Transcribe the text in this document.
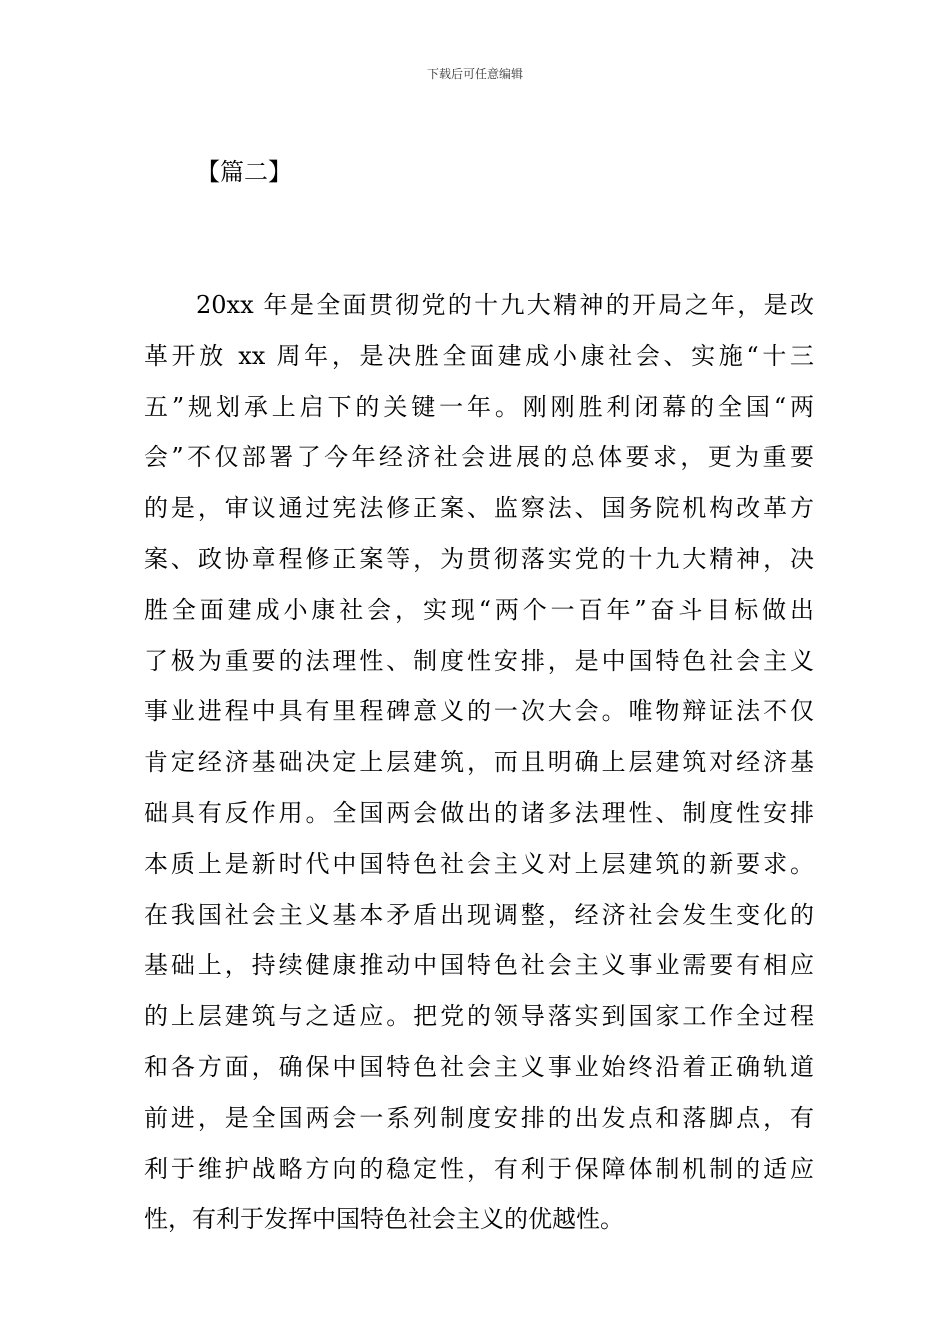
下载后可任意编辑
【篇二】
20xx 年是全面贯彻党的十九大精神的开局之年，是改
革开放 xx 周年，是决胜全面建成小康社会、实施“十三
五”规划承上启下的关键一年。刚刚胜利闭幕的全国“两
会”不仅部署了今年经济社会进展的总体要求，更为重要
的是，审议通过宪法修正案、监察法、国务院机构改革方
案、政协章程修正案等，为贯彻落实党的十九大精神，决
胜全面建成小康社会，实现“两个一百年”奋斗目标做出
了极为重要的法理性、制度性安排，是中国特色社会主义
事业进程中具有里程碑意义的一次大会。唯物辩证法不仅
肯定经济基础决定上层建筑，而且明确上层建筑对经济基
础具有反作用。全国两会做出的诸多法理性、制度性安排
本质上是新时代中国特色社会主义对上层建筑的新要求。
在我国社会主义基本矛盾出现调整，经济社会发生变化的
基础上，持续健康推动中国特色社会主义事业需要有相应
的上层建筑与之适应。把党的领导落实到国家工作全过程
和各方面，确保中国特色社会主义事业始终沿着正确轨道
前进，是全国两会一系列制度安排的出发点和落脚点，有
利于维护战略方向的稳定性，有利于保障体制机制的适应
性，有利于发挥中国特色社会主义的优越性。
